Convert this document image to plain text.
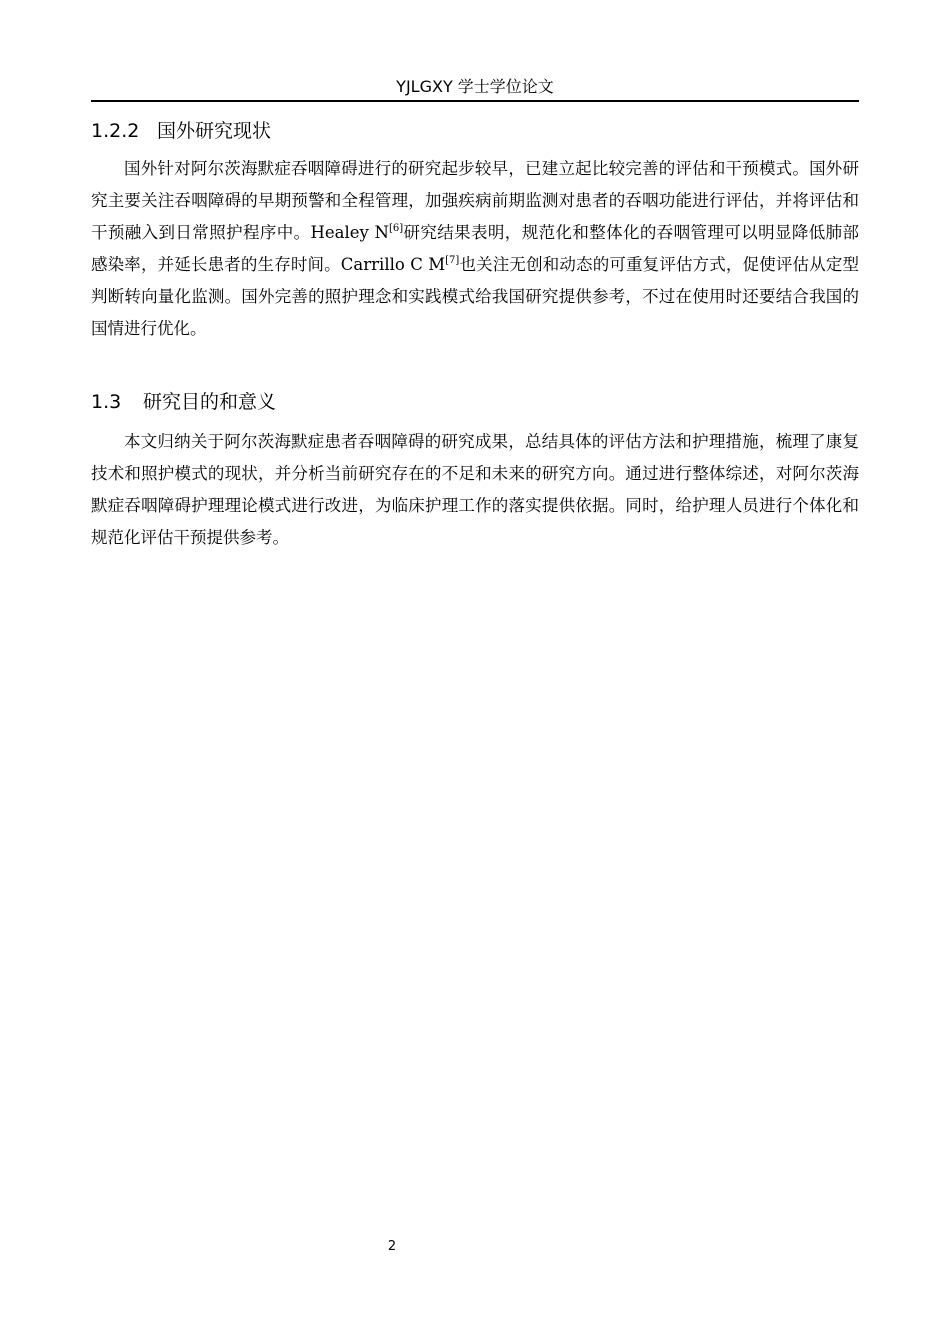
YJLGXY 学士学位论文
1.2.2 国外研究现状
国外针对阿尔茨海默症吞咽障碍进行的研究起步较早，已建立起比较完善的评估和干预模式。国外研究主要关注吞咽障碍的早期预警和全程管理，加强疾病前期监测对患者的吞咽功能进行评估，并将评估和干预融入到日常照护程序中。Healey N[6]研究结果表明，规范化和整体化的吞咽管理可以明显降低肺部感染率，并延长患者的生存时间。Carrillo C M[7]也关注无创和动态的可重复评估方式，促使评估从定型判断转向量化监测。国外完善的照护理念和实践模式给我国研究提供参考，不过在使用时还要结合我国的国情进行优化。
1.3 研究目的和意义
本文归纳关于阿尔茨海默症患者吞咽障碍的研究成果，总结具体的评估方法和护理措施，梳理了康复技术和照护模式的现状，并分析当前研究存在的不足和未来的研究方向。通过进行整体综述，对阿尔茨海默症吞咽障碍护理理论模式进行改进，为临床护理工作的落实提供依据。同时，给护理人员进行个体化和规范化评估干预提供参考。
2
